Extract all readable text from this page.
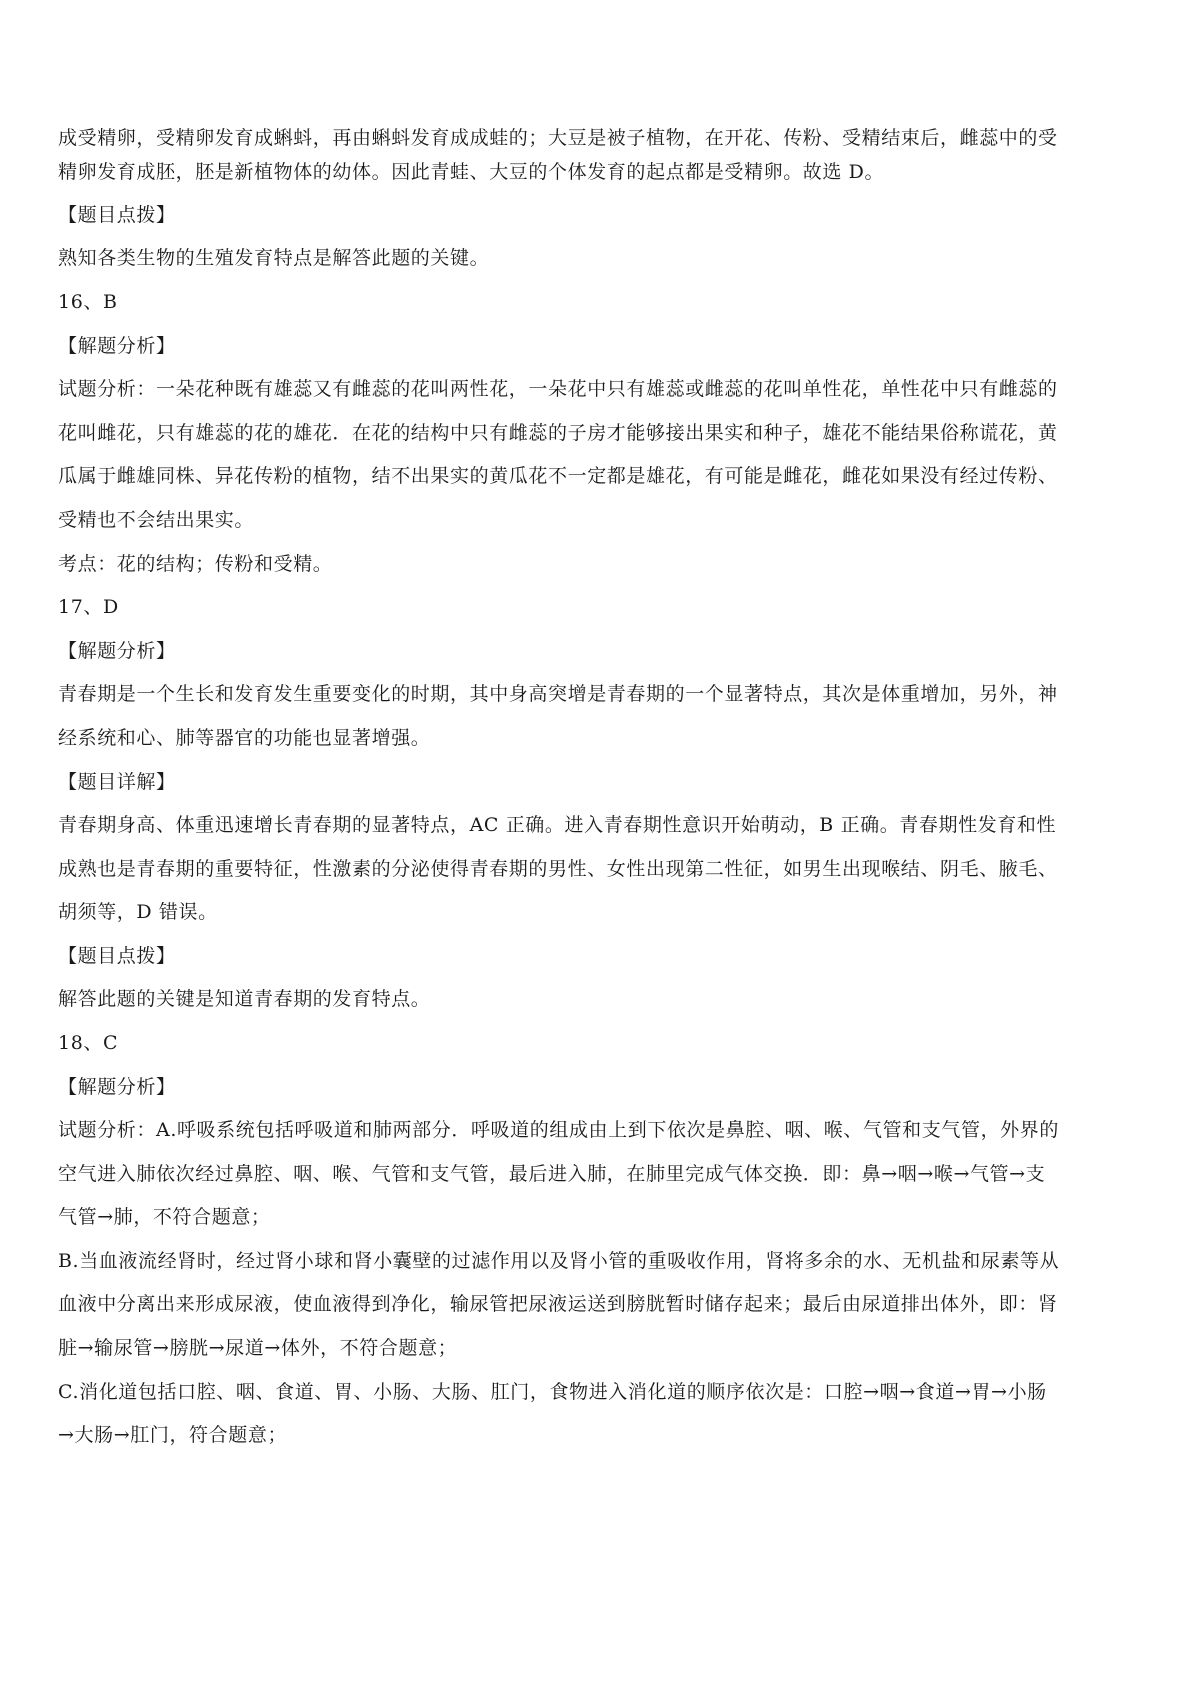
成受精卵，受精卵发育成蝌蚪，再由蝌蚪发育成成蛙的；大豆是被子植物，在开花、传粉、受精结束后，雌蕊中的受
精卵发育成胚，胚是新植物体的幼体。因此青蛙、大豆的个体发育的起点都是受精卵。故选 D。
【题目点拨】
熟知各类生物的生殖发育特点是解答此题的关键。
16、B
【解题分析】
试题分析：一朵花种既有雄蕊又有雌蕊的花叫两性花，一朵花中只有雄蕊或雌蕊的花叫单性花，单性花中只有雌蕊的
花叫雌花，只有雄蕊的花的雄花．在花的结构中只有雌蕊的子房才能够接出果实和种子，雄花不能结果俗称谎花，黄
瓜属于雌雄同株、异花传粉的植物，结不出果实的黄瓜花不一定都是雄花，有可能是雌花，雌花如果没有经过传粉、
受精也不会结出果实。
考点：花的结构；传粉和受精。
17、D
【解题分析】
青春期是一个生长和发育发生重要变化的时期，其中身高突增是青春期的一个显著特点，其次是体重增加，另外，神
经系统和心、肺等器官的功能也显著增强。
【题目详解】
青春期身高、体重迅速增长青春期的显著特点，AC 正确。进入青春期性意识开始萌动，B 正确。青春期性发育和性
成熟也是青春期的重要特征，性激素的分泌使得青春期的男性、女性出现第二性征，如男生出现喉结、阴毛、腋毛、
胡须等，D 错误。
【题目点拨】
解答此题的关键是知道青春期的发育特点。
18、C
【解题分析】
试题分析：A.呼吸系统包括呼吸道和肺两部分．呼吸道的组成由上到下依次是鼻腔、咽、喉、气管和支气管，外界的
空气进入肺依次经过鼻腔、咽、喉、气管和支气管，最后进入肺，在肺里完成气体交换．即：鼻→咽→喉→气管→支
气管→肺，不符合题意；
B.当血液流经肾时，经过肾小球和肾小囊壁的过滤作用以及肾小管的重吸收作用，肾将多余的水、无机盐和尿素等从
血液中分离出来形成尿液，使血液得到净化，输尿管把尿液运送到膀胱暂时储存起来；最后由尿道排出体外，即：肾
脏→输尿管→膀胱→尿道→体外，不符合题意；
C.消化道包括口腔、咽、食道、胃、小肠、大肠、肛门，食物进入消化道的顺序依次是：口腔→咽→食道→胃→小肠
→大肠→肛门，符合题意；
